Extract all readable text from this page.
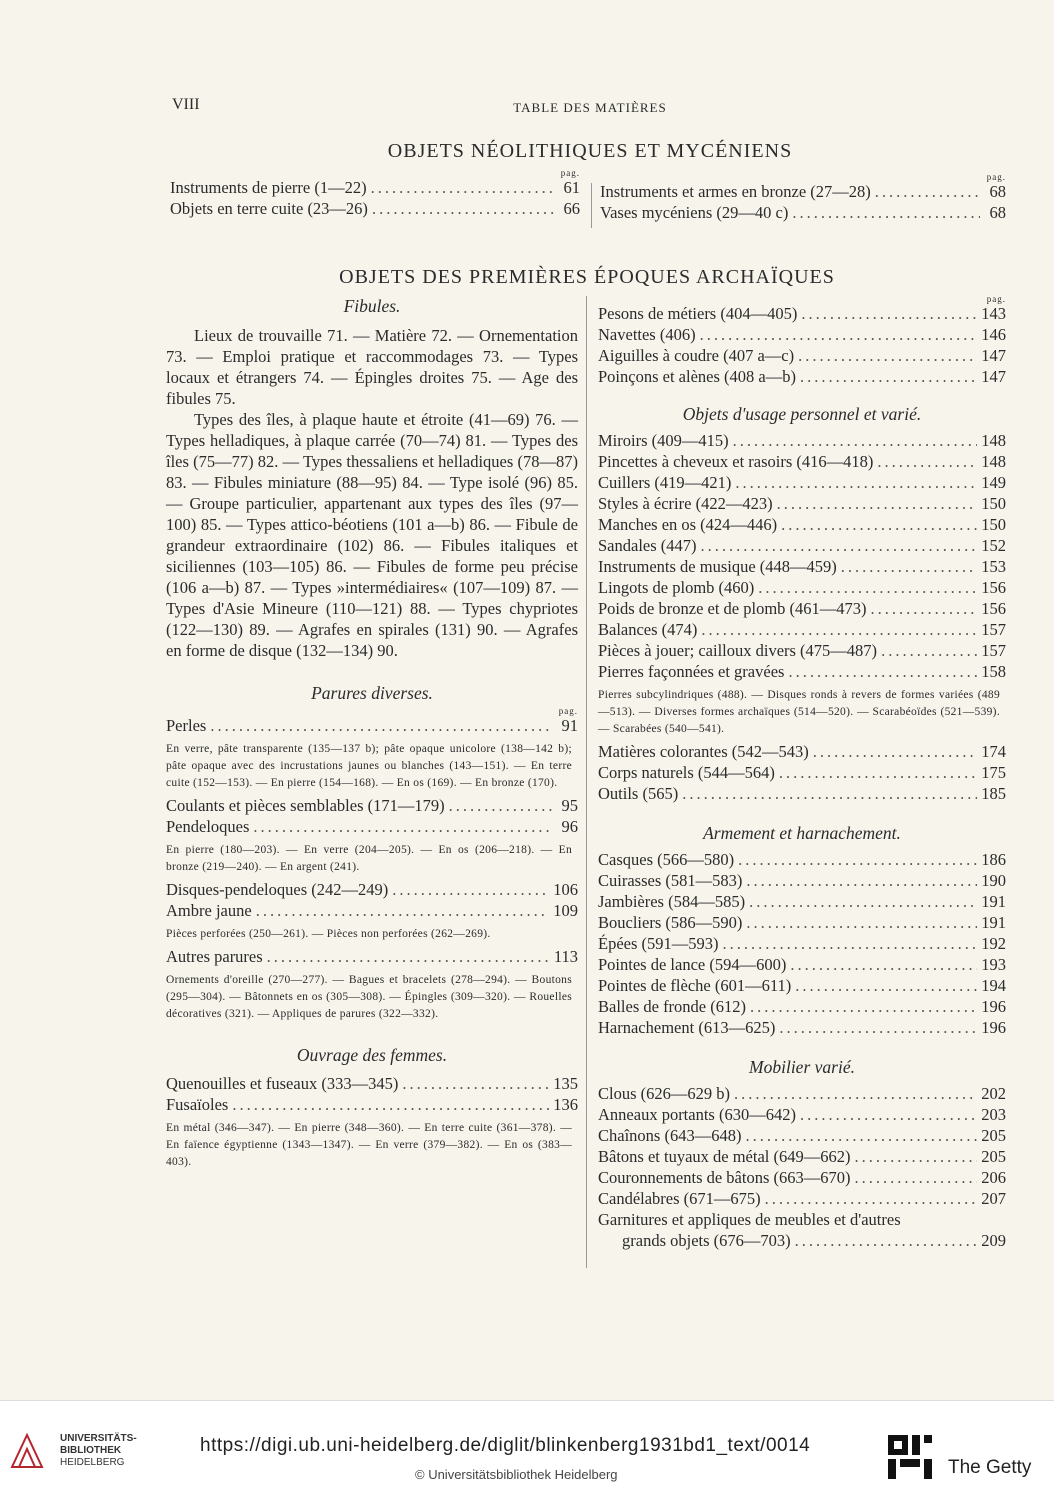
VIII	TABLE DES MATIÈRES
OBJETS NÉOLITHIQUES ET MYCÉNIENS
pag.
Instruments de pierre (1—22) .....	61
Objets en terre cuite (23—26) .....	66
pag.
Instruments et armes en bronze (27—28) .....	68
Vases mycéniens (29—40 c) .....	68
OBJETS DES PREMIÈRES ÉPOQUES ARCHAÏQUES

Fibules.

Lieux de trouvaille 71. — Matière 72. — Ornementation 73. — Emploi pratique et raccommodages 73. — Types locaux et étrangers 74. — Épingles droites 75. — Age des fibules 75.
Types des îles, à plaque haute et étroite (41—69) 76. — Types helladiques, à plaque carrée (70—74) 81. — Types des îles (75—77) 82. — Types thessaliens et helladiques (78—87) 83. — Fibules miniature (88—95) 84. — Type isolé (96) 85. — Groupe particulier, appartenant aux types des îles (97—100) 85. — Types attico-béotiens (101 a—b) 86. — Fibule de grandeur extraordinaire (102) 86. — Fibules italiques et siciliennes (103—105) 86. — Fibules de forme peu précise (106 a—b) 87. — Types »intermédiaires« (107—109) 87. — Types d'Asie Mineure (110—121) 88. — Types chypriotes (122—130) 89. — Agrafes en spirales (131) 90. — Agrafes en forme de disque (132—134) 90.

Parures diverses.

pag.
Perles .....	91
En verre, pâte transparente (135—137 b); pâte opaque unicolore (138—142 b); pâte opaque avec des incrustations jaunes ou blanches (143—151). — En terre cuite (152—153). — En pierre (154—168). — En os (169). — En bronze (170).
Coulants et pièces semblables (171—179) .....	95
Pendeloques .....	96
En pierre (180—203). — En verre (204—205). — En os (206—218). — En bronze (219—240). — En argent (241).
Disques-pendeloques (242—249) .....	106
Ambre jaune .....	109
Pièces perforées (250—261). — Pièces non perforées (262—269).
Autres parures .....	113
Ornements d'oreille (270—277). — Bagues et bracelets (278—294). — Boutons (295—304). — Bâtonnets en os (305—308). — Épingles (309—320). — Rouelles décoratives (321). — Appliques de parures (322—332).

Ouvrage des femmes.

Quenouilles et fuseaux (333—345) .....	135
Fusaïoles .....	136
En métal (346—347). — En pierre (348—360). — En terre cuite (361—378). — En faïence égyptienne (1343—1347). — En verre (379—382). — En os (383—403).
pag.
Pesons de métiers (404—405) .....	143
Navettes (406) .....	146
Aiguilles à coudre (407 a—c) .....	147
Poinçons et alènes (408 a—b) .....	147

Objets d'usage personnel et varié.

Miroirs (409—415) .....	148
Pincettes à cheveux et rasoirs (416—418) .....	148
Cuillers (419—421) .....	149
Styles à écrire (422—423) .....	150
Manches en os (424—446) .....	150
Sandales (447) .....	152
Instruments de musique (448—459) .....	153
Lingots de plomb (460) .....	156
Poids de bronze et de plomb (461—473) .....	156
Balances (474) .....	157
Pièces à jouer; cailloux divers (475—487) .....	157
Pierres façonnées et gravées .....	158
Pierres subcylindriques (488). — Disques ronds à revers de formes variées (489—513). — Diverses formes archaïques (514—520). — Scarabéoïdes (521—539). — Scarabées (540—541).
Matières colorantes (542—543) .....	174
Corps naturels (544—564) .....	175
Outils (565) .....	185

Armement et harnachement.

Casques (566—580) .....	186
Cuirasses (581—583) .....	190
Jambières (584—585) .....	191
Boucliers (586—590) .....	191
Épées (591—593) .....	192
Pointes de lance (594—600) .....	193
Pointes de flèche (601—611) .....	194
Balles de fronde (612) .....	196
Harnachement (613—625) .....	196

Mobilier varié.

Clous (626—629 b) .....	202
Anneaux portants (630—642) .....	203
Chaînons (643—648) .....	205
Bâtons et tuyaux de métal (649—662) .....	205
Couronnements de bâtons (663—670) .....	206
Candélabres (671—675) .....	207
Garnitures et appliques de meubles et d'autres
grands objets (676—703) .....	209
UNIVERSITÄTS-
BIBLIOTHEK
HEIDELBERG
https://digi.ub.uni-heidelberg.de/diglit/blinkenberg1931bd1_text/0014
© Universitätsbibliothek Heidelberg	The Getty
